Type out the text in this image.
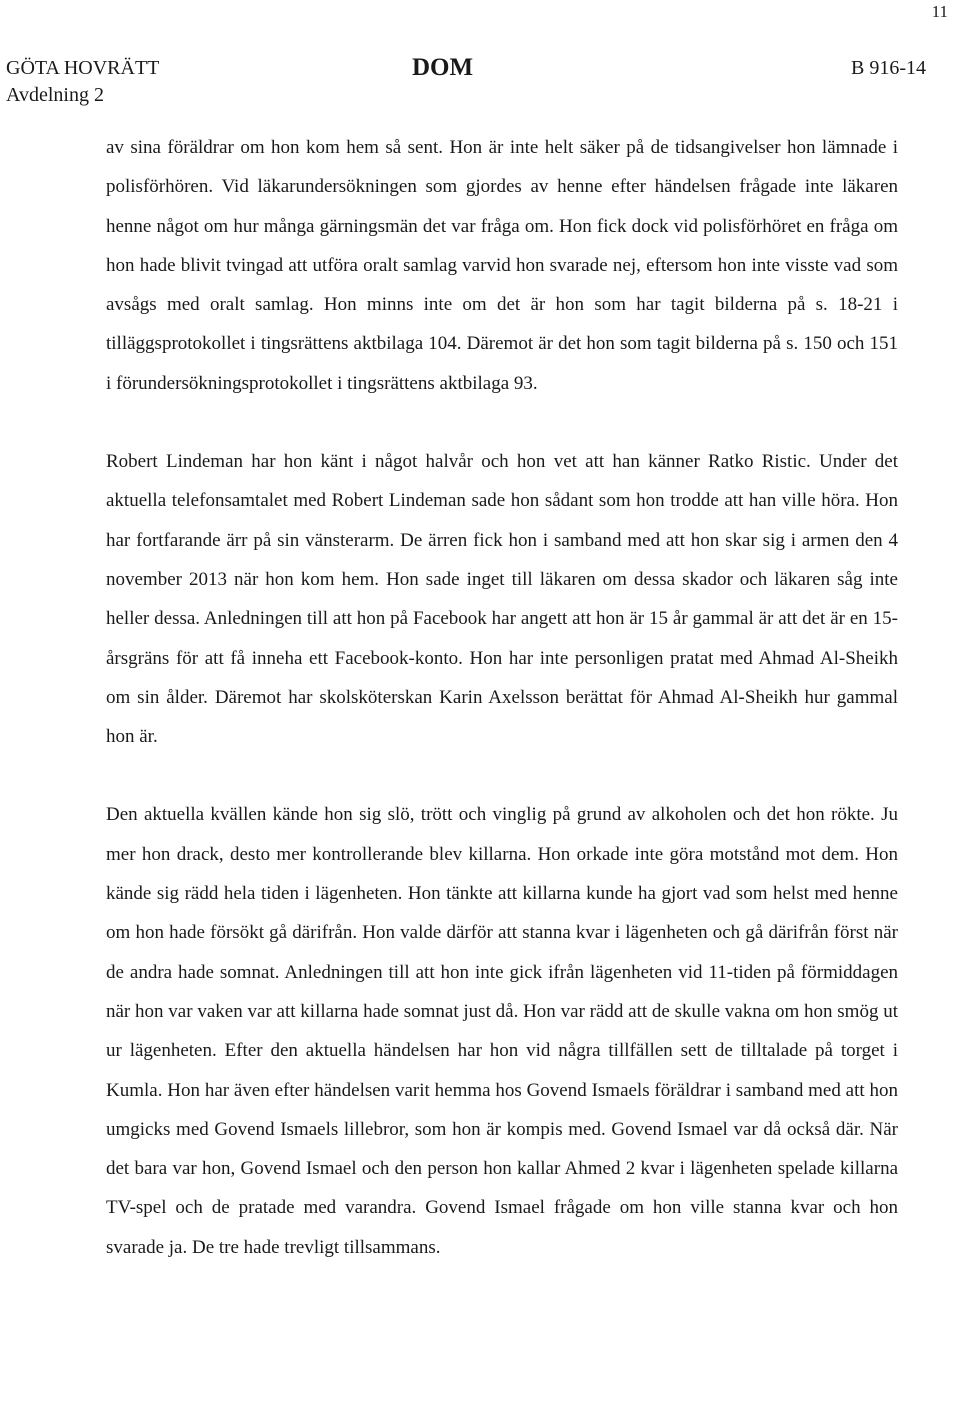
11
GÖTA HOVRÄTT
Avdelning 2
DOM	B 916-14

av sina föräldrar om hon kom hem så sent. Hon är inte helt säker på de tidsangivelser hon lämnade i polisförhören. Vid läkarundersökningen som gjordes av henne efter händelsen frågade inte läkaren henne något om hur många gärningsmän det var fråga om. Hon fick dock vid polisförhöret en fråga om hon hade blivit tvingad att utföra oralt samlag varvid hon svarade nej, eftersom hon inte visste vad som avsågs med oralt samlag. Hon minns inte om det är hon som har tagit bilderna på s. 18-21 i tilläggsprotokollet i tingsrättens aktbilaga 104. Däremot är det hon som tagit bilderna på s. 150 och 151 i förundersökningsprotokollet i tingsrättens aktbilaga 93.

Robert Lindeman har hon känt i något halvår och hon vet att han känner Ratko Ristic. Under det aktuella telefonsamtalet med Robert Lindeman sade hon sådant som hon trodde att han ville höra. Hon har fortfarande ärr på sin vänsterarm. De ärren fick hon i samband med att hon skar sig i armen den 4 november 2013 när hon kom hem. Hon sade inget till läkaren om dessa skador och läkaren såg inte heller dessa. Anledningen till att hon på Facebook har angett att hon är 15 år gammal är att det är en 15-årsgräns för att få inneha ett Facebook-konto. Hon har inte personligen pratat med Ahmad Al-Sheikh om sin ålder. Däremot har skolsköterskan Karin Axelsson berättat för Ahmad Al-Sheikh hur gammal hon är.

Den aktuella kvällen kände hon sig slö, trött och vinglig på grund av alkoholen och det hon rökte. Ju mer hon drack, desto mer kontrollerande blev killarna. Hon orkade inte göra motstånd mot dem. Hon kände sig rädd hela tiden i lägenheten. Hon tänkte att killarna kunde ha gjort vad som helst med henne om hon hade försökt gå därifrån. Hon valde därför att stanna kvar i lägenheten och gå därifrån först när de andra hade somnat. Anledningen till att hon inte gick ifrån lägenheten vid 11-tiden på förmiddagen när hon var vaken var att killarna hade somnat just då. Hon var rädd att de skulle vakna om hon smög ut ur lägenheten. Efter den aktuella händelsen har hon vid några tillfällen sett de tilltalade på torget i Kumla. Hon har även efter händelsen varit hemma hos Govend Ismaels föräldrar i samband med att hon umgicks med Govend Ismaels lillebror, som hon är kompis med. Govend Ismael var då också där. När det bara var hon, Govend Ismael och den person hon kallar Ahmed 2 kvar i lägenheten spelade killarna TV-spel och de pratade med varandra. Govend Ismael frågade om hon ville stanna kvar och hon svarade ja. De tre hade trevligt tillsammans.
